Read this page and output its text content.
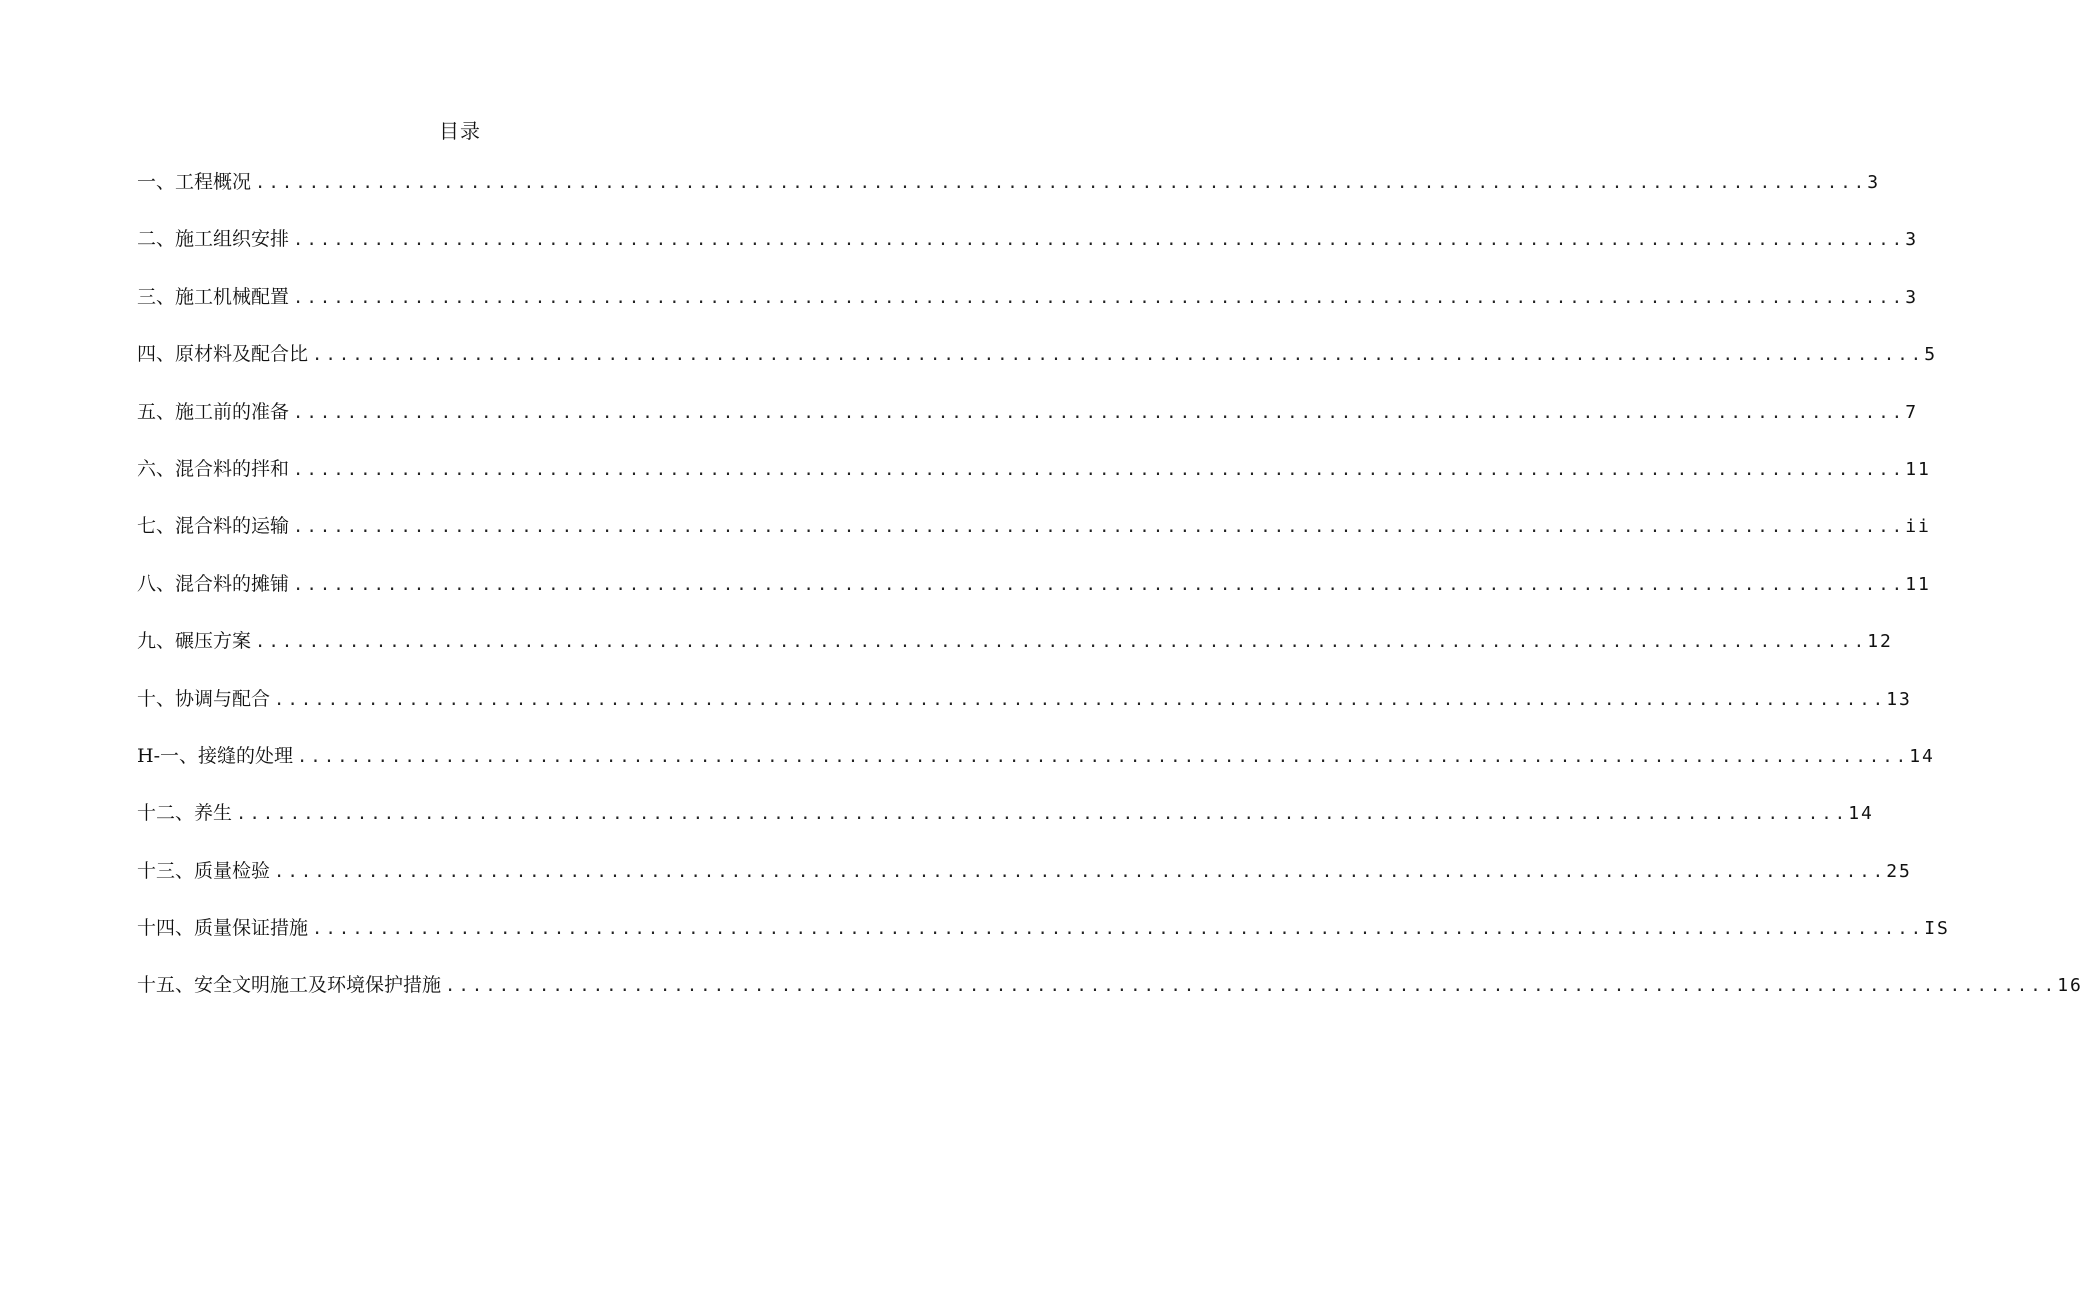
目录
一、工程概况 ........................................................................................................................ 3
二、施工组织安排 ........................................................................................................................ 3
三、施工机械配置 ........................................................................................................................ 3
四、原材料及配合比 ........................................................................................................................ 5
五、施工前的准备 ........................................................................................................................ 7
六、混合料的拌和 ........................................................................................................................ 11
七、混合料的运输 ........................................................................................................................ ii
八、混合料的摊铺 ........................................................................................................................ 11
九、碾压方案 ........................................................................................................................ 12
十、协调与配合 ........................................................................................................................ 13
H-一、接缝的处理 ........................................................................................................................ 14
十二、养生 ........................................................................................................................ 14
十三、质量检验 ........................................................................................................................ 25
十四、质量保证措施 ........................................................................................................................ IS
十五、安全文明施工及环境保护措施 ........................................................................................................................ 16
